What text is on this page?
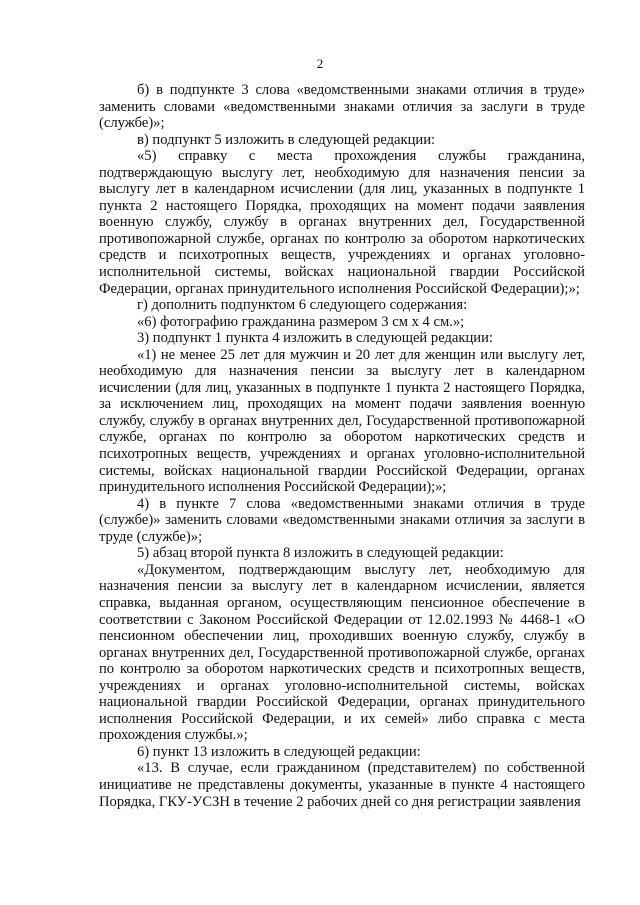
2

б) в подпункте 3 слова «ведомственными знаками отличия в труде» заменить словами «ведомственными знаками отличия за заслуги в труде (службе)»;

в) подпункт 5 изложить в следующей редакции:

«5) справку с места прохождения службы гражданина, подтверждающую выслугу лет, необходимую для назначения пенсии за выслугу лет в календарном исчислении (для лиц, указанных в подпункте 1 пункта 2 настоящего Порядка, проходящих на момент подачи заявления военную службу, службу в органах внутренних дел, Государственной противопожарной службе, органах по контролю за оборотом наркотических средств и психотропных веществ, учреждениях и органах уголовно-исполнительной системы, войсках национальной гвардии Российской Федерации, органах принудительного исполнения Российской Федерации);»;

г) дополнить подпунктом 6 следующего содержания:

«6) фотографию гражданина размером 3 см х 4 см.»;

3) подпункт 1 пункта 4 изложить в следующей редакции:

«1) не менее 25 лет для мужчин и 20 лет для женщин или выслугу лет, необходимую для назначения пенсии за выслугу лет в календарном исчислении (для лиц, указанных в подпункте 1 пункта 2 настоящего Порядка, за исключением лиц, проходящих на момент подачи заявления военную службу, службу в органах внутренних дел, Государственной противопожарной службе, органах по контролю за оборотом наркотических средств и психотропных веществ, учреждениях и органах уголовно-исполнительной системы, войсках национальной гвардии Российской Федерации, органах принудительного исполнения Российской Федерации);»;

4) в пункте 7 слова «ведомственными знаками отличия в труде (службе)» заменить словами «ведомственными знаками отличия за заслуги в труде (службе)»;

5) абзац второй пункта 8 изложить в следующей редакции:

«Документом, подтверждающим выслугу лет, необходимую для назначения пенсии за выслугу лет в календарном исчислении, является справка, выданная органом, осуществляющим пенсионное обеспечение в соответствии с Законом Российской Федерации от 12.02.1993 № 4468-1 «О пенсионном обеспечении лиц, проходивших военную службу, службу в органах внутренних дел, Государственной противопожарной службе, органах по контролю за оборотом наркотических средств и психотропных веществ, учреждениях и органах уголовно-исполнительной системы, войсках национальной гвардии Российской Федерации, органах принудительного исполнения Российской Федерации, и их семей» либо справка с места прохождения службы.»;

6) пункт 13 изложить в следующей редакции:

«13. В случае, если гражданином (представителем) по собственной инициативе не представлены документы, указанные в пункте 4 настоящего Порядка, ГКУ-УСЗН в течение 2 рабочих дней со дня регистрации заявления
